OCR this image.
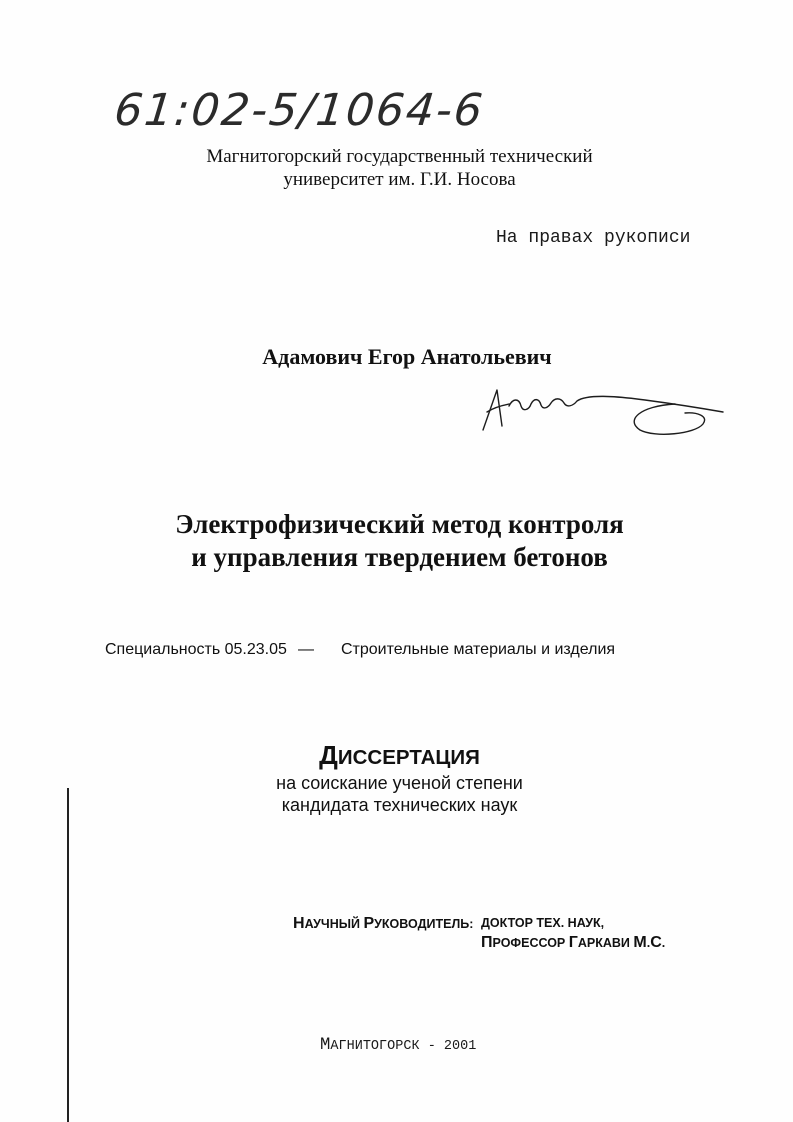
61:02-5/1064-6
Магнитогорский государственный технический
университет им. Г.И. Носова
На правах рукописи
Адамович Егор Анатольевич
Электрофизический метод контроля
и управления твердением бетонов
Специальность 05.23.05 — Строительные материалы и изделия
ДИССЕРТАЦИЯ
на соискание ученой степени
кандидата технических наук
НАУЧНЫЙ РУКОВОДИТЕЛЬ: ДОКТОР ТЕХ. НАУК,
ПРОФЕССОР ГАРКАВИ М.С.
МАГНИТОГОРСК - 2001
